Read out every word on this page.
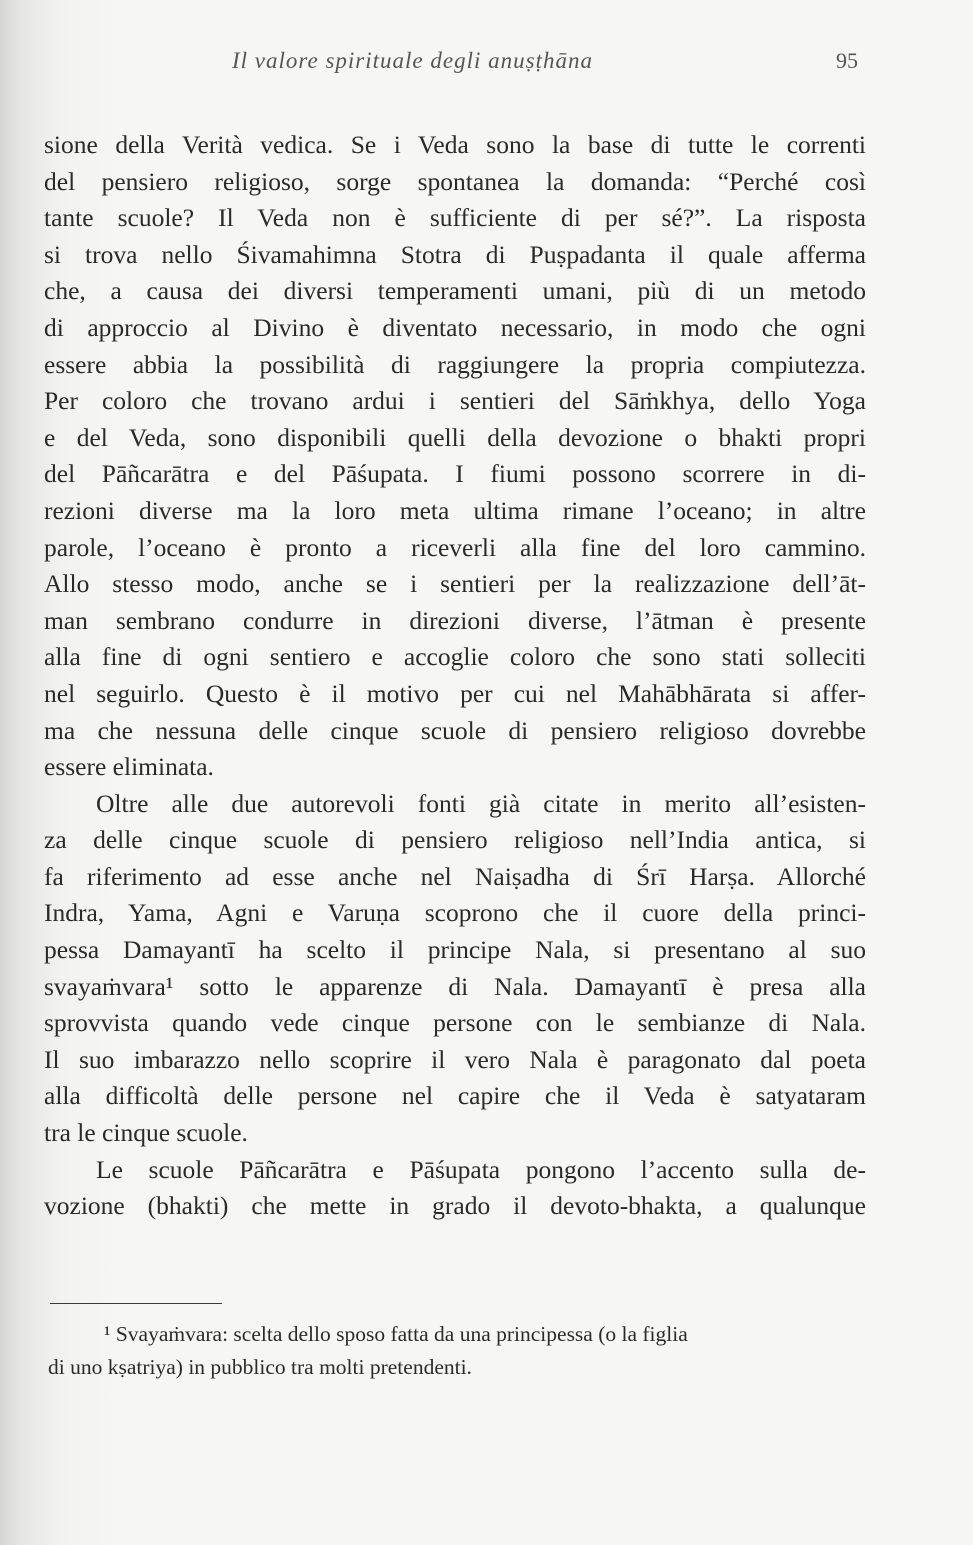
Il valore spirituale degli anuṣṭhāna	95
sione della Verità vedica. Se i Veda sono la base di tutte le correnti
del pensiero religioso, sorge spontanea la domanda: “Perché così
tante scuole? Il Veda non è sufficiente di per sé?”. La risposta
si trova nello Śivamahimna Stotra di Puṣpadanta il quale afferma
che, a causa dei diversi temperamenti umani, più di un metodo
di approccio al Divino è diventato necessario, in modo che ogni
essere abbia la possibilità di raggiungere la propria compiutezza.
Per coloro che trovano ardui i sentieri del Sāṁkhya, dello Yoga
e del Veda, sono disponibili quelli della devozione o bhakti propri
del Pāñcarātra e del Pāśupata. I fiumi possono scorrere in di-
rezioni diverse ma la loro meta ultima rimane l’oceano; in altre
parole, l’oceano è pronto a riceverli alla fine del loro cammino.
Allo stesso modo, anche se i sentieri per la realizzazione dell’āt-
man sembrano condurre in direzioni diverse, l’ātman è presente
alla fine di ogni sentiero e accoglie coloro che sono stati solleciti
nel seguirlo. Questo è il motivo per cui nel Mahābhārata si affer-
ma che nessuna delle cinque scuole di pensiero religioso dovrebbe
essere eliminata.
Oltre alle due autorevoli fonti già citate in merito all’esisten-
za delle cinque scuole di pensiero religioso nell’India antica, si
fa riferimento ad esse anche nel Naiṣadha di Śrī Harṣa. Allorché
Indra, Yama, Agni e Varuṇa scoprono che il cuore della princi-
pessa Damayantī ha scelto il principe Nala, si presentano al suo
svayaṁvara¹ sotto le apparenze di Nala. Damayantī è presa alla
sprovvista quando vede cinque persone con le sembianze di Nala.
Il suo imbarazzo nello scoprire il vero Nala è paragonato dal poeta
alla difficoltà delle persone nel capire che il Veda è satyataram
tra le cinque scuole.
Le scuole Pāñcarātra e Pāśupata pongono l’accento sulla de-
vozione (bhakti) che mette in grado il devoto-bhakta, a qualunque
¹ Svayaṁvara: scelta dello sposo fatta da una principessa (o la figlia
di uno kṣatriya) in pubblico tra molti pretendenti.
